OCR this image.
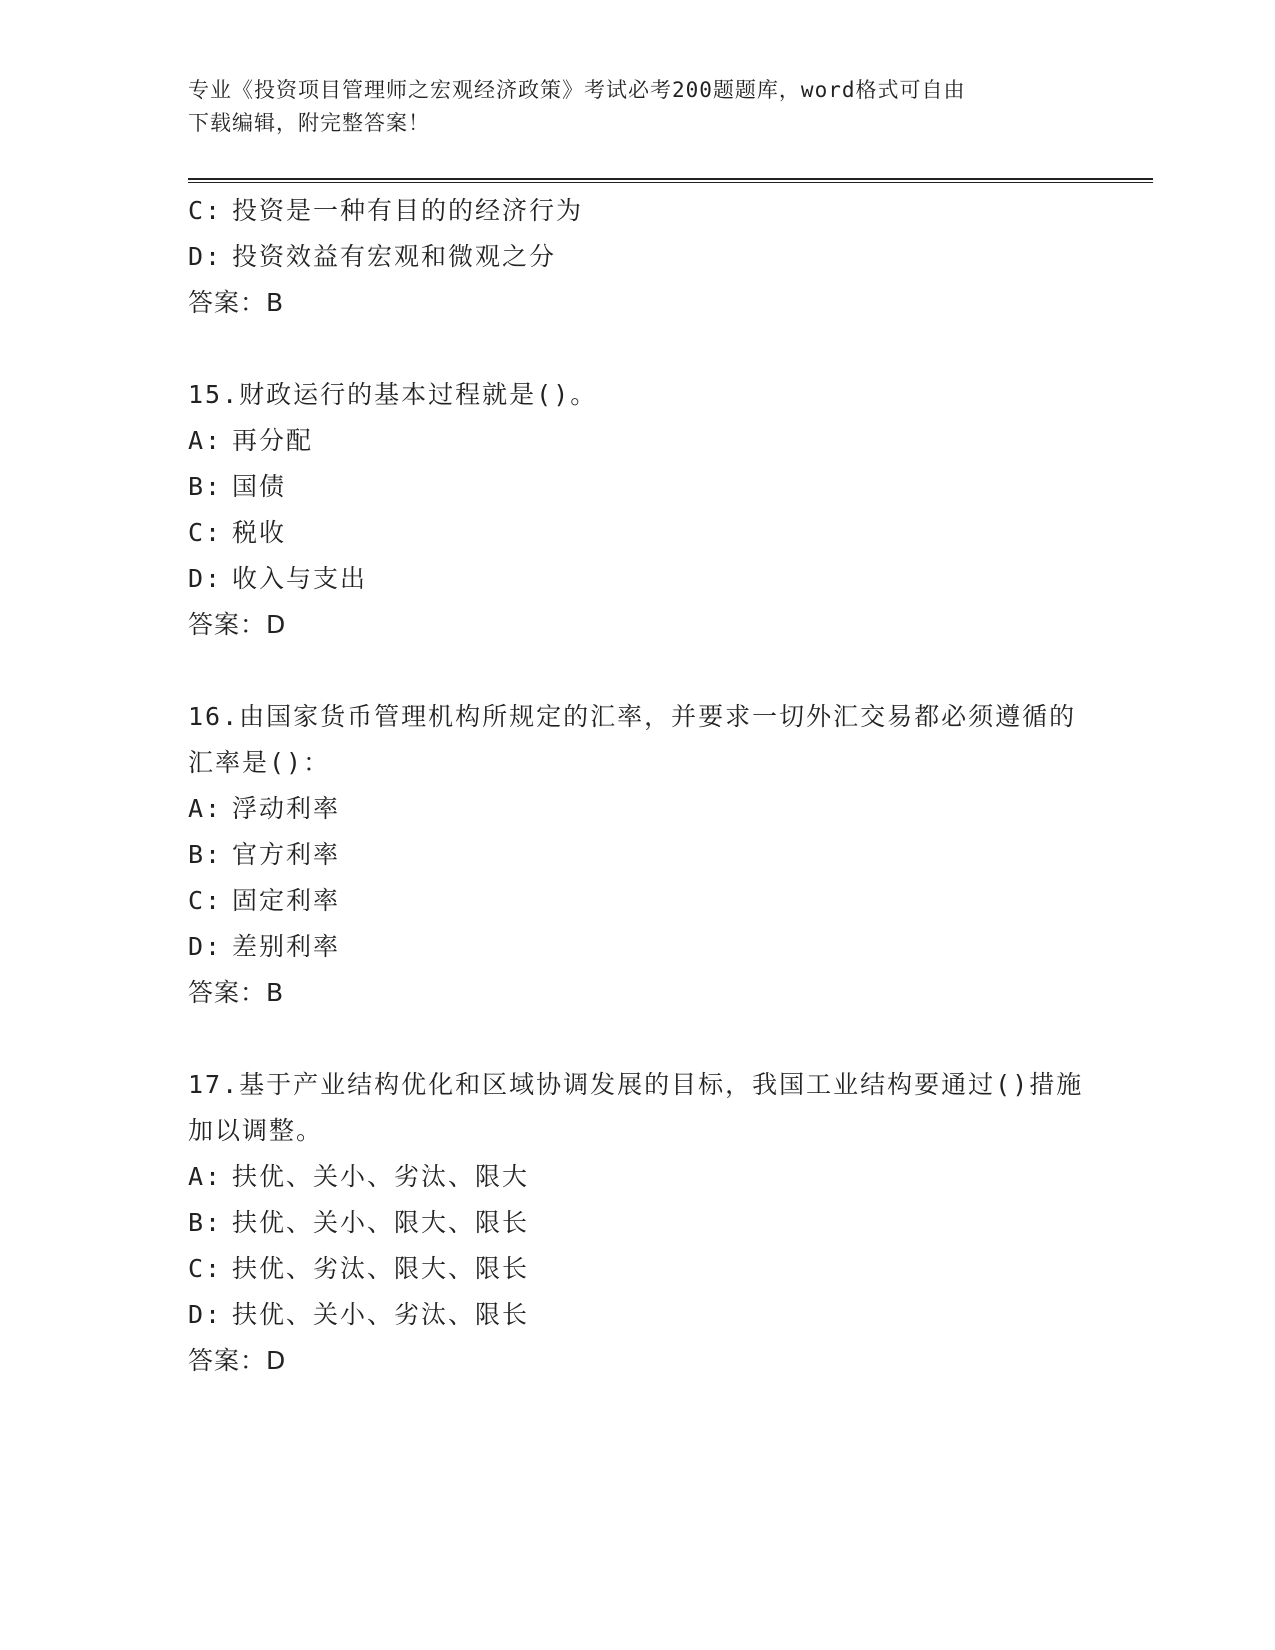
专业《投资项目管理师之宏观经济政策》考试必考200题题库，word格式可自由
下载编辑，附完整答案！
C: 投资是一种有目的的经济行为
D: 投资效益有宏观和微观之分
答案：B
15.财政运行的基本过程就是()。
A: 再分配
B: 国债
C: 税收
D: 收入与支出
答案：D
16.由国家货币管理机构所规定的汇率，并要求一切外汇交易都必须遵循的汇率是()：
A: 浮动利率
B: 官方利率
C: 固定利率
D: 差别利率
答案：B
17.基于产业结构优化和区域协调发展的目标，我国工业结构要通过()措施加以调整。
A: 扶优、关小、劣汰、限大
B: 扶优、关小、限大、限长
C: 扶优、劣汰、限大、限长
D: 扶优、关小、劣汰、限长
答案：D
